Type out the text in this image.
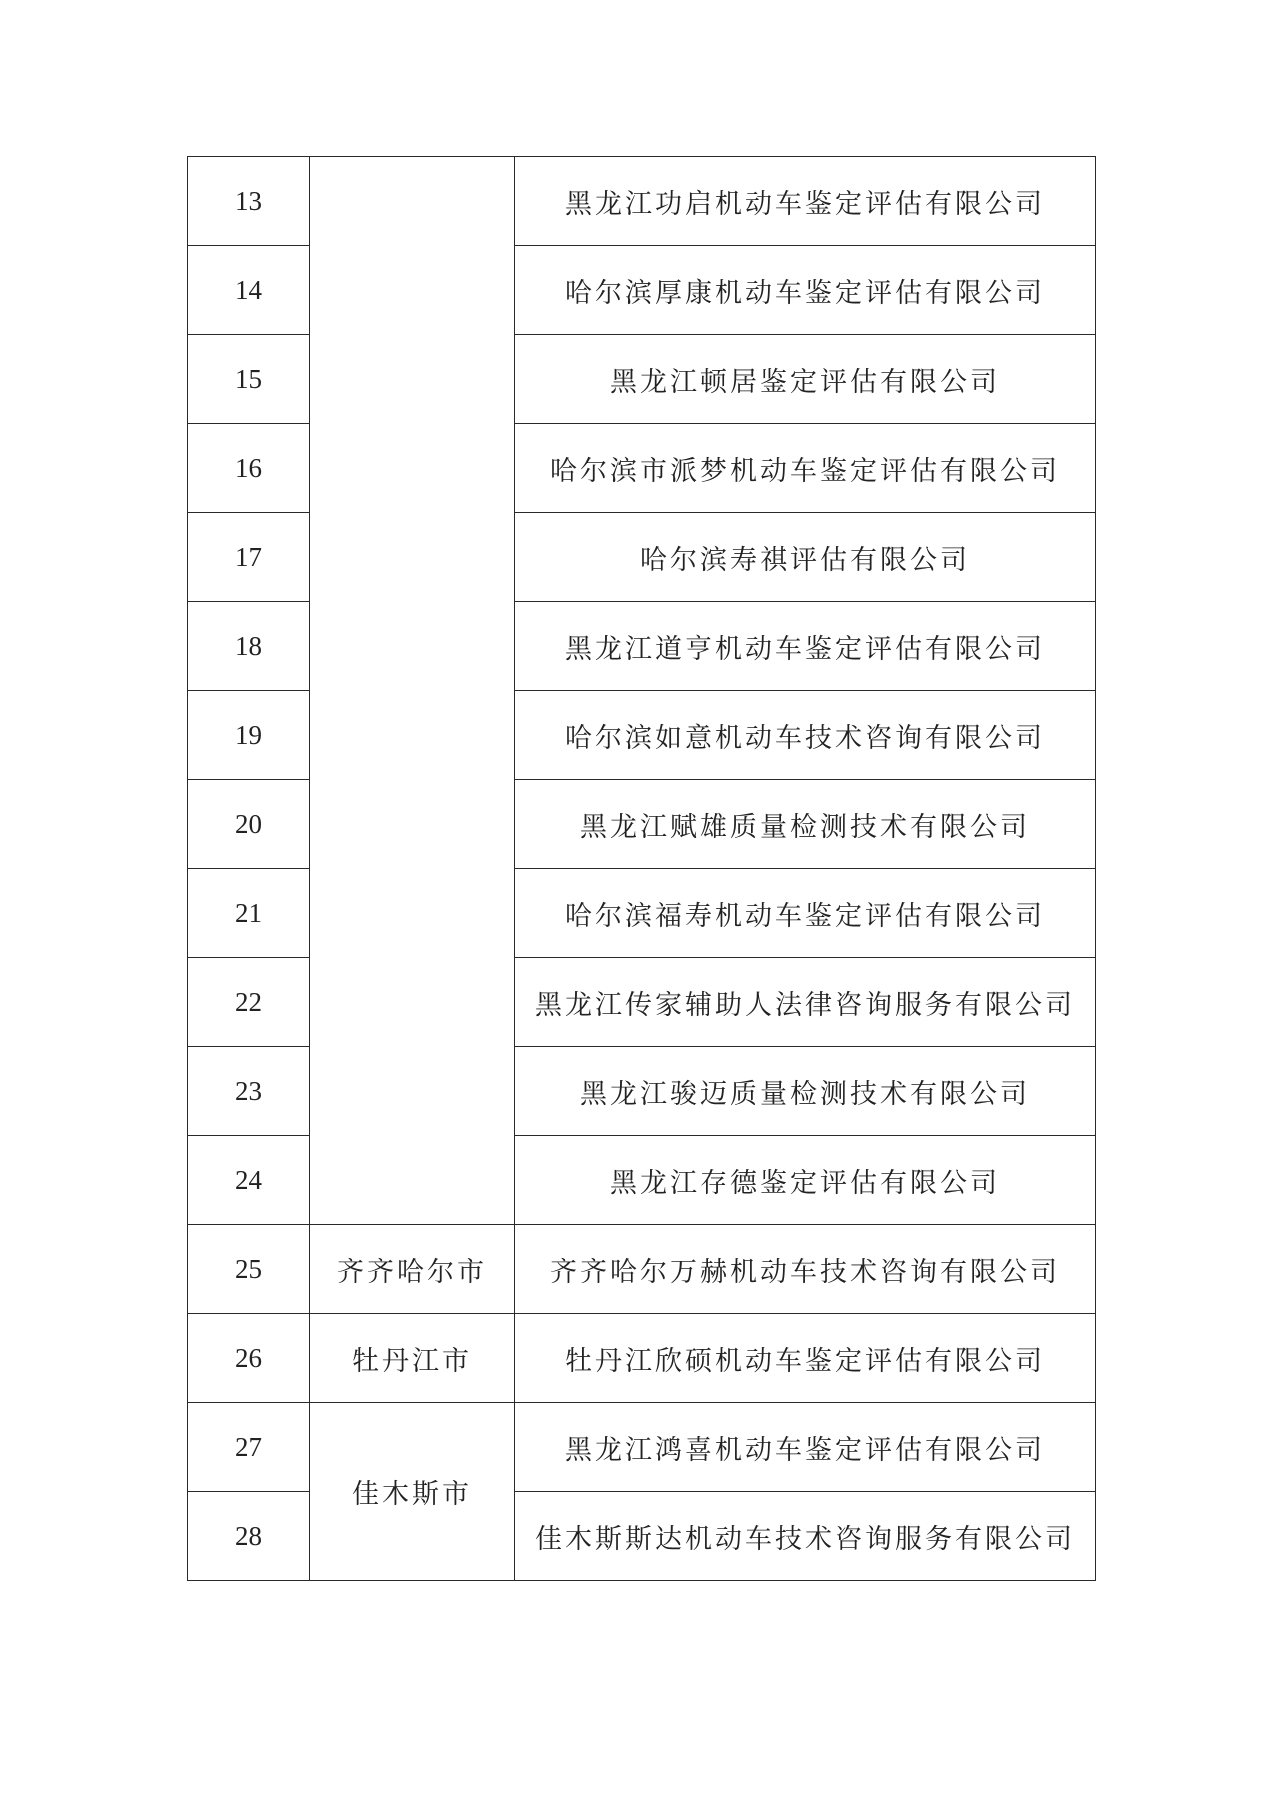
13		黑龙江功启机动车鉴定评估有限公司
14		哈尔滨厚康机动车鉴定评估有限公司
15		黑龙江顿居鉴定评估有限公司
16		哈尔滨市派梦机动车鉴定评估有限公司
17		哈尔滨寿祺评估有限公司
18		黑龙江道亨机动车鉴定评估有限公司
19		哈尔滨如意机动车技术咨询有限公司
20		黑龙江赋雄质量检测技术有限公司
21		哈尔滨福寿机动车鉴定评估有限公司
22		黑龙江传家辅助人法律咨询服务有限公司
23		黑龙江骏迈质量检测技术有限公司
24		黑龙江存德鉴定评估有限公司
25	齐齐哈尔市	齐齐哈尔万赫机动车技术咨询有限公司
26	牡丹江市	牡丹江欣硕机动车鉴定评估有限公司
27	佳木斯市	黑龙江鸿喜机动车鉴定评估有限公司
28		佳木斯斯达机动车技术咨询服务有限公司
